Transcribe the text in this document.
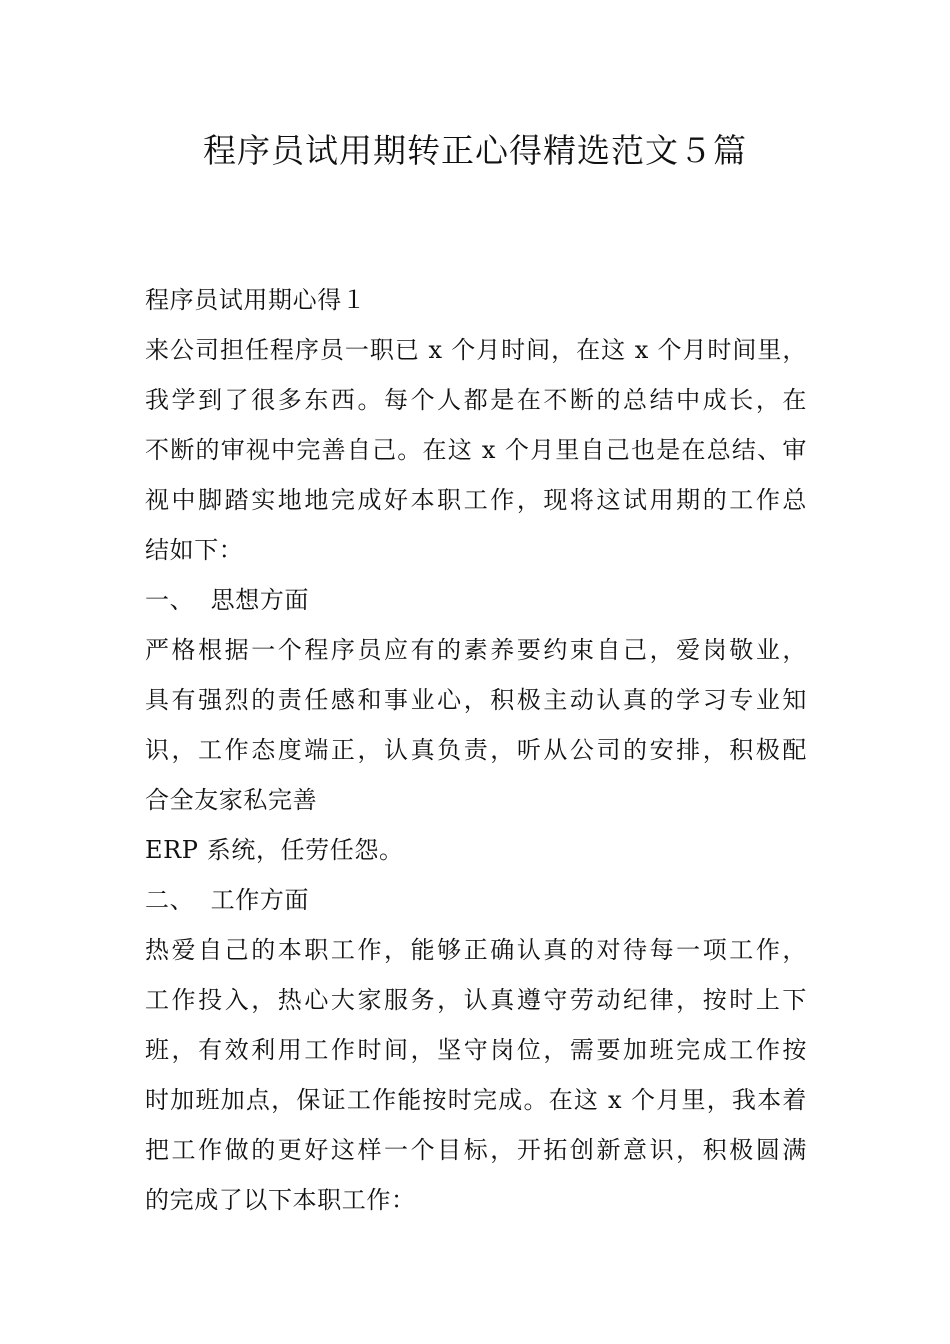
程序员试用期转正心得精选范文５篇
程序员试用期心得１
来公司担任程序员一职已 x 个月时间，在这 x 个月时间里，
我学到了很多东西。每个人都是在不断的总结中成长，在
不断的审视中完善自己。在这 x 个月里自己也是在总结、审
视中脚踏实地地完成好本职工作，现将这试用期的工作总
结如下：
一、  思想方面
严格根据一个程序员应有的素养要约束自己，爱岗敬业，
具有强烈的责任感和事业心，积极主动认真的学习专业知
识，工作态度端正，认真负责，听从公司的安排，积极配
合全友家私完善
ERP 系统，任劳任怨。
二、  工作方面
热爱自己的本职工作，能够正确认真的对待每一项工作，
工作投入，热心大家服务，认真遵守劳动纪律，按时上下
班，有效利用工作时间，坚守岗位，需要加班完成工作按
时加班加点，保证工作能按时完成。在这 x 个月里，我本着
把工作做的更好这样一个目标，开拓创新意识，积极圆满
的完成了以下本职工作：
